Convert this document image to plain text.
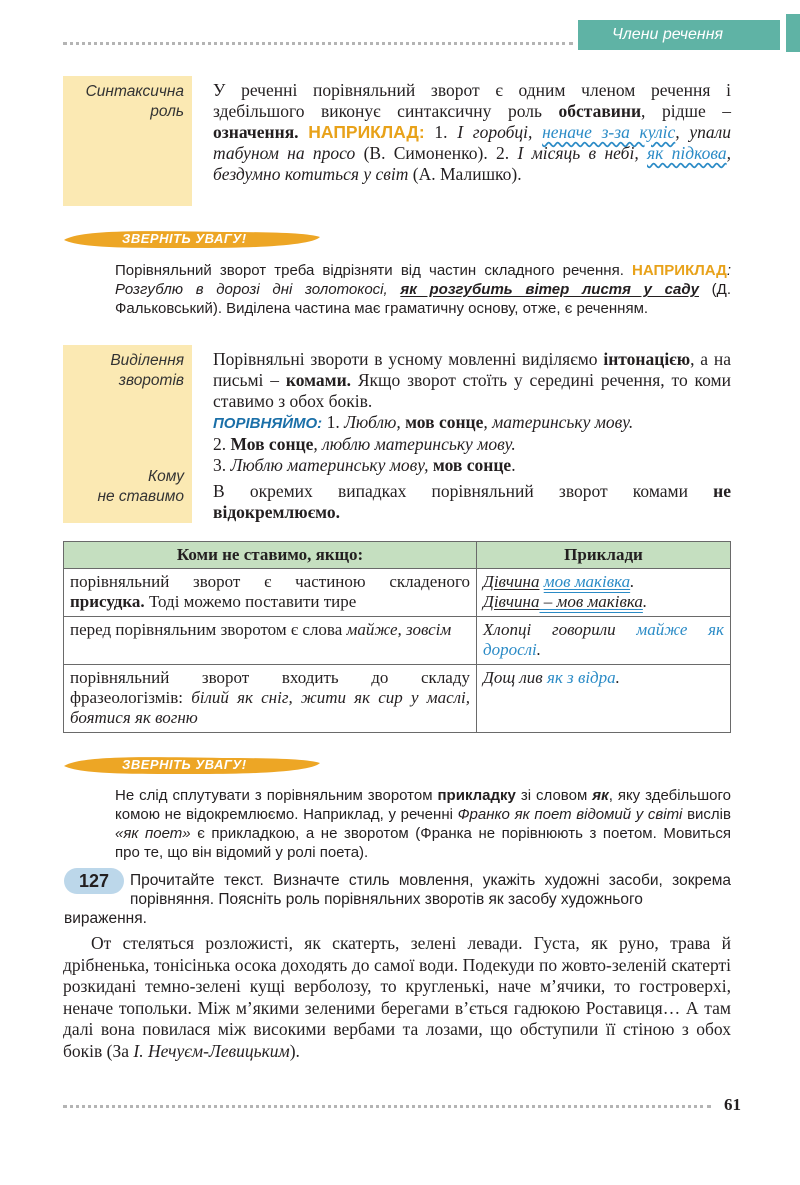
Члени речення
Синтаксична
роль
У реченні порівняльний зворот є одним членом речення і здебільшого виконує синтаксичну роль обставини, рідше – означення. НАПРИКЛАД: 1. І горобці, неначе з-за куліс, упали табуном на просо (В. Симоненко). 2. І місяць в небі, як підкова, бездумно котиться у світ (А. Малишко).
ЗВЕРНІТЬ УВАГУ!
Порівняльний зворот треба відрізняти від частин складного речення. НАПРИКЛАД: Розгублю в дорозі дні золотокосі, як розгубить вітер листя у саду (Д. Фальковський). Виділена частина має граматичну основу, отже, є реченням.
Виділення
зворотів
Кому
не ставимо
Порівняльні звороти в усному мовленні виділяємо інтонацією, а на письмі – комами. Якщо зворот стоїть у середині речення, то коми ставимо з обох боків.
ПОРІВНЯЙМО: 1. Люблю, мов сонце, материнську мову.
2. Мов сонце, люблю материнську мову.
3. Люблю материнську мову, мов сонце.
В окремих випадках порівняльний зворот комами не відокремлюємо.
Коми не ставимо, якщо:	Приклади
порівняльний зворот є частиною складеного присудка. Тоді можемо поставити тире	Дівчина мов маківка.
Дівчина – мов маківка.

перед порівняльним зворотом є слова майже, зовсім	Хлопці говорили майже як дорослі.
порівняльний зворот входить до складу фразеологізмів: білий як сніг, жити як сир у маслі, боятися як вогню	Дощ лив як з відра.
ЗВЕРНІТЬ УВАГУ!
Не слід сплутувати з порівняльним зворотом прикладку зі словом як, яку здебільшого комою не відокремлюємо. Наприклад, у реченні Франко як поет відомий у світі вислів «як поет» є прикладкою, а не зворотом (Франка не порівнюють з поетом. Мовиться про те, що він відомий у ролі поета).
127	Прочитайте текст. Визначте стиль мовлення, укажіть художні засоби, зокрема порівняння. Поясніть роль порівняльних зворотів як засобу художнього
вираження.
От стеляться розложисті, як скатерть, зелені левади. Густа, як руно, трава й дрібненька, тонісінька осока доходять до самої води. Подекуди по жовто-зеленій скатерті розкидані темно-зелені кущі верболозу, то кругленькі, наче м’ячики, то гостроверхі, неначе топольки. Між м’якими зеленими берегами в’ється гадюкою Роставиця… А там далі вона повилася між високими вербами та лозами, що обступили її стіною з обох боків (За І. Нечуєм-Левицьким).
61
